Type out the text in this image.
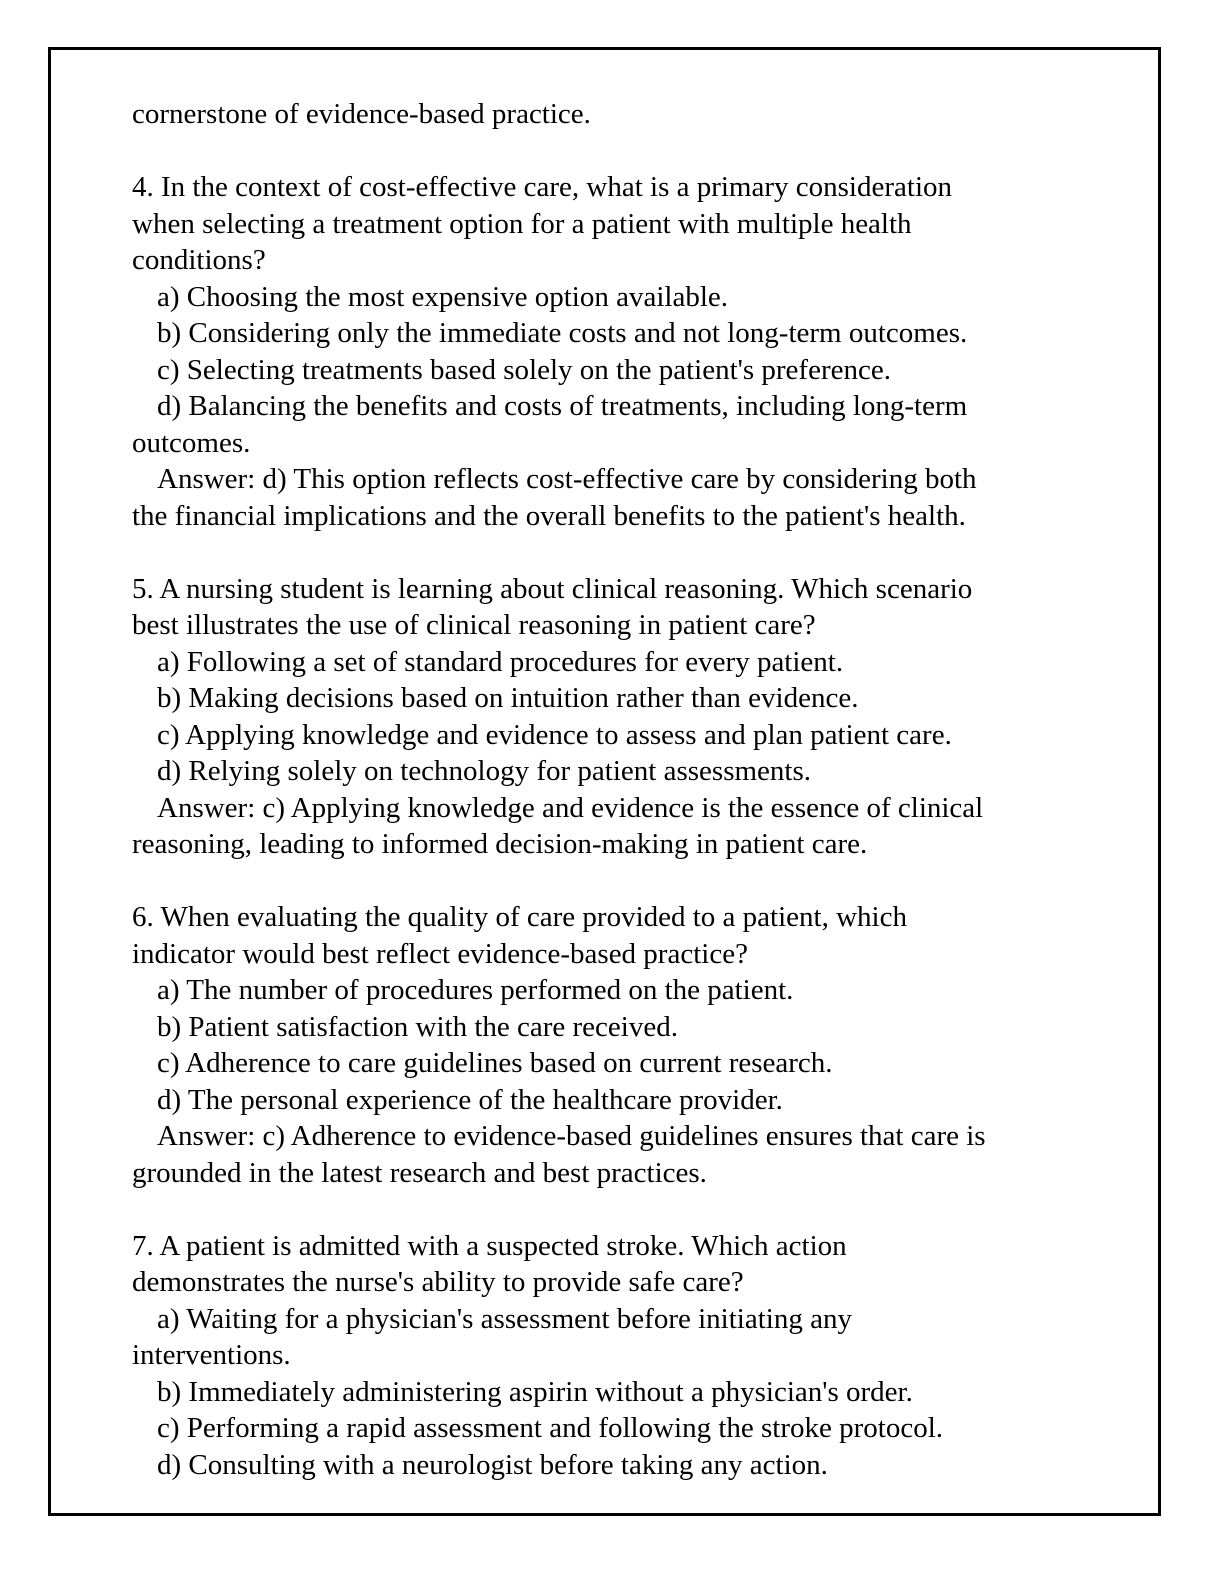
cornerstone of evidence-based practice.
4. In the context of cost-effective care, what is a primary consideration
when selecting a treatment option for a patient with multiple health
conditions?
a) Choosing the most expensive option available.
b) Considering only the immediate costs and not long-term outcomes.
c) Selecting treatments based solely on the patient's preference.
d) Balancing the benefits and costs of treatments, including long-term
outcomes.
Answer: d) This option reflects cost-effective care by considering both
the financial implications and the overall benefits to the patient's health.
5. A nursing student is learning about clinical reasoning. Which scenario
best illustrates the use of clinical reasoning in patient care?
a) Following a set of standard procedures for every patient.
b) Making decisions based on intuition rather than evidence.
c) Applying knowledge and evidence to assess and plan patient care.
d) Relying solely on technology for patient assessments.
Answer: c) Applying knowledge and evidence is the essence of clinical
reasoning, leading to informed decision-making in patient care.
6. When evaluating the quality of care provided to a patient, which
indicator would best reflect evidence-based practice?
a) The number of procedures performed on the patient.
b) Patient satisfaction with the care received.
c) Adherence to care guidelines based on current research.
d) The personal experience of the healthcare provider.
Answer: c) Adherence to evidence-based guidelines ensures that care is
grounded in the latest research and best practices.
7. A patient is admitted with a suspected stroke. Which action
demonstrates the nurse's ability to provide safe care?
a) Waiting for a physician's assessment before initiating any
interventions.
b) Immediately administering aspirin without a physician's order.
c) Performing a rapid assessment and following the stroke protocol.
d) Consulting with a neurologist before taking any action.
